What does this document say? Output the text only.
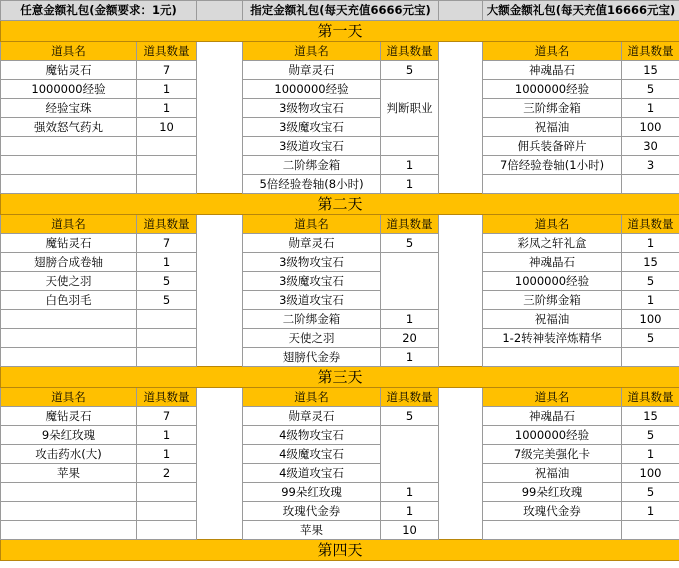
任意金额礼包(金额要求：1元)			指定金额礼包(每天充值6666元宝)			大额金额礼包(每天充值16666元宝)	
第一天							
道具名	道具数量		道具名	道具数量		道具名	道具数量
魔钻灵石	7		勋章灵石	5		神魂晶石	15
1000000经验	1		1000000经验	判断职业		1000000经验	5
经验宝珠	1		3级物攻宝石			三阶绑金箱	1
强效怒气药丸	10		3级魔攻宝石			祝福油	100
			3级道攻宝石			佣兵装备碎片	30
			二阶绑金箱	1		7倍经验卷轴(1小时)	3
			5倍经验卷轴(8小时)	1			
第二天							
道具名	道具数量		道具名	道具数量		道具名	道具数量
魔钻灵石	7		勋章灵石	5		彩凤之轩礼盒	1
翅膀合成卷轴	1		3级物攻宝石			神魂晶石	15
天使之羽	5		3级魔攻宝石			1000000经验	5
白色羽毛	5		3级道攻宝石			三阶绑金箱	1
			二阶绑金箱	1		祝福油	100
			天使之羽	20		1-2转神装淬炼精华	5
			翅膀代金券	1			
第三天							
道具名	道具数量		道具名	道具数量		道具名	道具数量
魔钻灵石	7		勋章灵石	5		神魂晶石	15
9朵红玫瑰	1		4级物攻宝石			1000000经验	5
攻击药水(大)	1		4级魔攻宝石			7级完美强化卡	1
苹果	2		4级道攻宝石			祝福油	100
			99朵红玫瑰	1		99朵红玫瑰	5
			玫瑰代金券	1		玫瑰代金券	1
			苹果	10			
第四天							
